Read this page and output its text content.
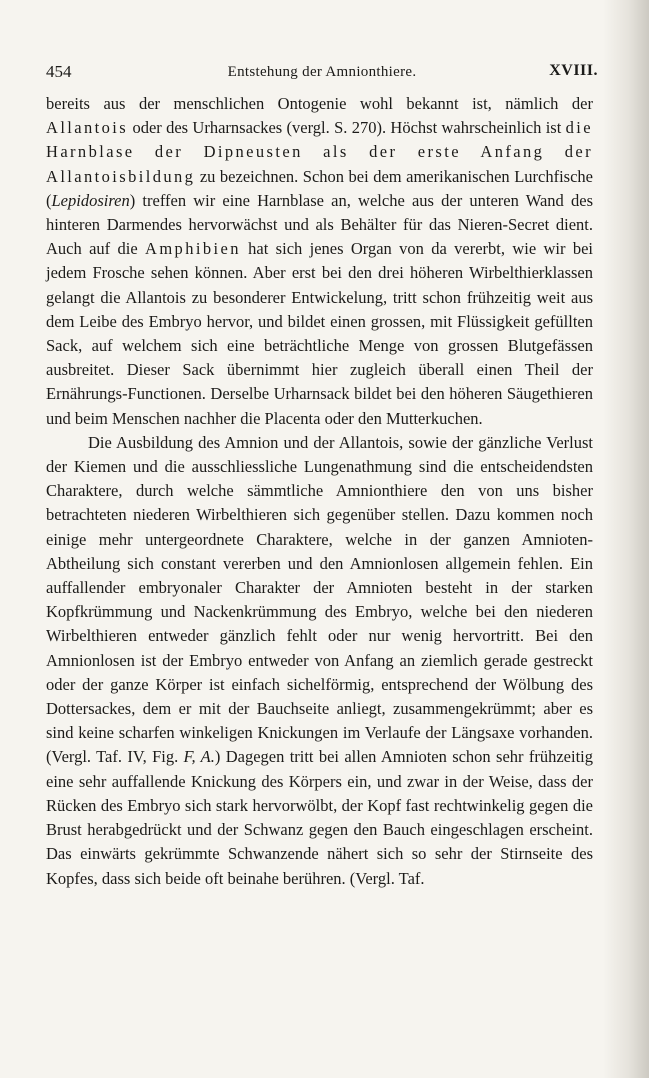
454	Entstehung der Amnionthiere.	XVIII.

bereits aus der menschlichen Ontogenie wohl bekannt ist, nämlich der Allantois oder des Urharnsackes (vergl. S. 270). Höchst wahrscheinlich ist die Harnblase der Dipneusten als der erste Anfang der Allantoisbildung zu bezeichnen. Schon bei dem amerikanischen Lurchfische (Lepidosiren) treffen wir eine Harnblase an, welche aus der unteren Wand des hinteren Darmendes hervorwächst und als Behälter für das Nieren-Secret dient. Auch auf die Amphibien hat sich jenes Organ von da vererbt, wie wir bei jedem Frosche sehen können. Aber erst bei den drei höheren Wirbelthierklassen gelangt die Allantois zu besonderer Entwickelung, tritt schon frühzeitig weit aus dem Leibe des Embryo hervor, und bildet einen grossen, mit Flüssigkeit gefüllten Sack, auf welchem sich eine beträchtliche Menge von grossen Blutgefässen ausbreitet. Dieser Sack übernimmt hier zugleich überall einen Theil der Ernährungs-Functionen. Derselbe Urharnsack bildet bei den höheren Säugethieren und beim Menschen nachher die Placenta oder den Mutterkuchen.

Die Ausbildung des Amnion und der Allantois, sowie der gänzliche Verlust der Kiemen und die ausschliessliche Lungenathmung sind die entscheidendsten Charaktere, durch welche sämmtliche Amnionthiere den von uns bisher betrachteten niederen Wirbelthieren sich gegenüber stellen. Dazu kommen noch einige mehr untergeordnete Charaktere, welche in der ganzen Amnioten-Abtheilung sich constant vererben und den Amnionlosen allgemein fehlen. Ein auffallender embryonaler Charakter der Amnioten besteht in der starken Kopfkrümmung und Nackenkrümmung des Embryo, welche bei den niederen Wirbelthieren entweder gänzlich fehlt oder nur wenig hervortritt. Bei den Amnionlosen ist der Embryo entweder von Anfang an ziemlich gerade gestreckt oder der ganze Körper ist einfach sichelförmig, entsprechend der Wölbung des Dottersackes, dem er mit der Bauchseite anliegt, zusammengekrümmt; aber es sind keine scharfen winkeligen Knickungen im Verlaufe der Längsaxe vorhanden. (Vergl. Taf. IV, Fig. F, A.) Dagegen tritt bei allen Amnioten schon sehr frühzeitig eine sehr auffallende Knickung des Körpers ein, und zwar in der Weise, dass der Rücken des Embryo sich stark hervorwölbt, der Kopf fast rechtwinkelig gegen die Brust herabgedrückt und der Schwanz gegen den Bauch eingeschlagen erscheint. Das einwärts gekrümmte Schwanzende nähert sich so sehr der Stirnseite des Kopfes, dass sich beide oft beinahe berühren. (Vergl. Taf.
